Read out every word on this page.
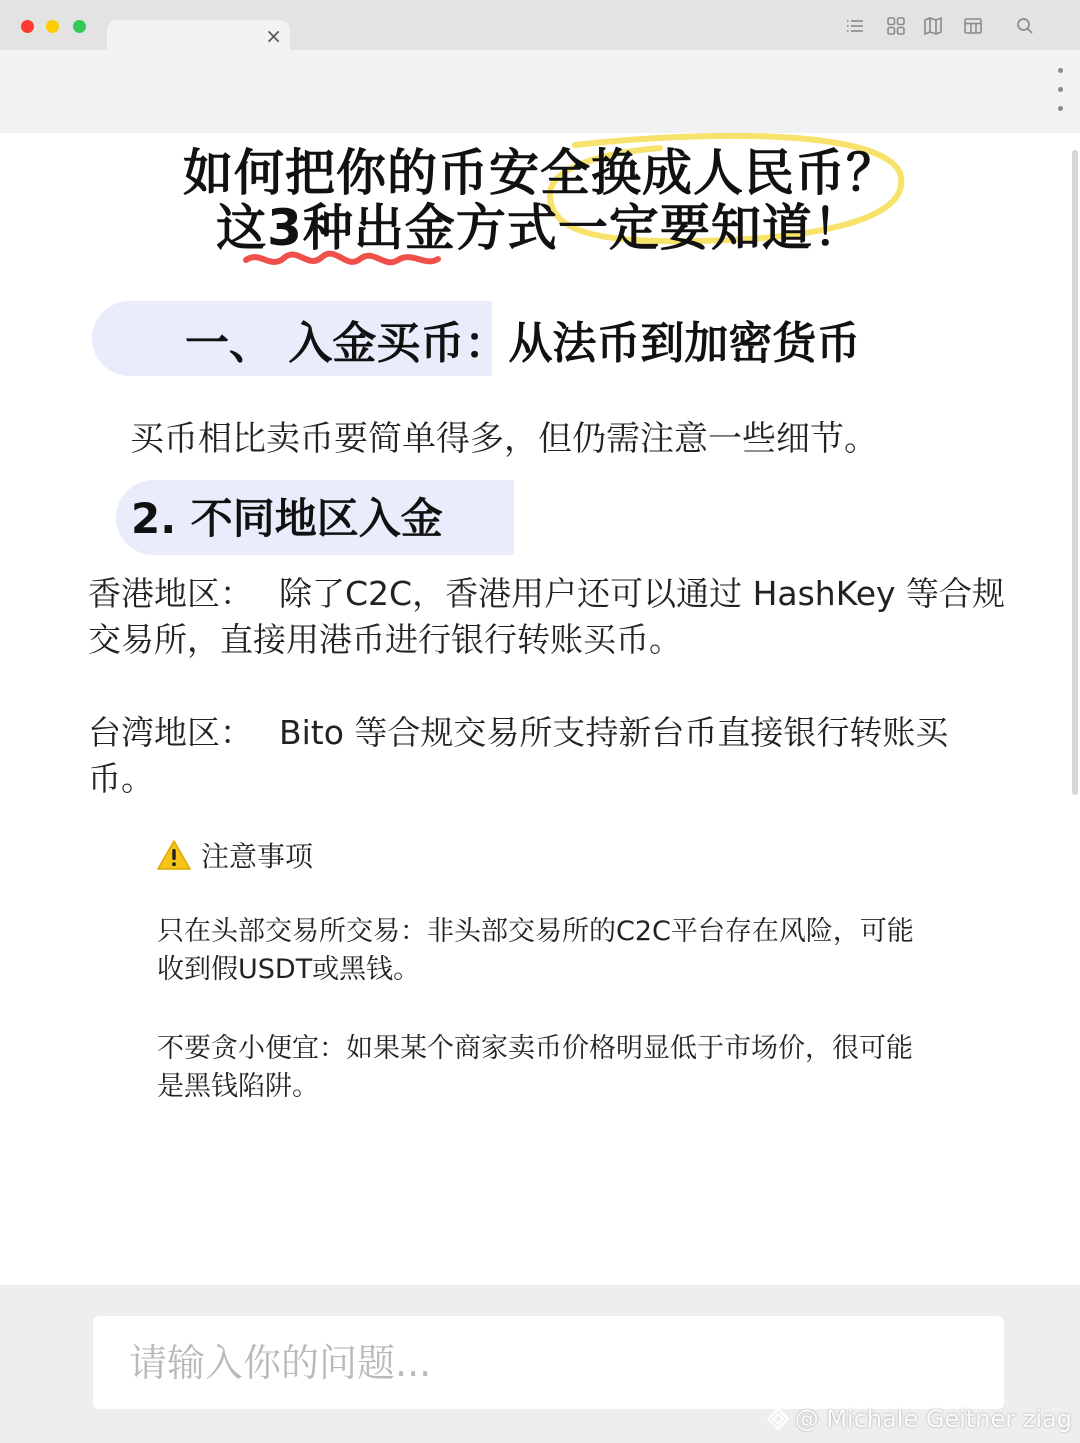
×
如何把你的币安全换成人民币？
这3种出金方式一定要知道！
一、 入金买币：从法币到加密货币
买币相比卖币要简单得多，但仍需注意一些细节。
2. 不同地区入金
香港地区： 除了C2C，香港用户还可以通过 HashKey 等合规交易所，直接用港币进行银行转账买币。
台湾地区： Bito 等合规交易所支持新台币直接银行转账买币。
注意事项
只在头部交易所交易：非头部交易所的C2C平台存在风险，可能收到假USDT或黑钱。
不要贪小便宜：如果某个商家卖币价格明显低于市场价，很可能是黑钱陷阱。
请输入你的问题...
@ Michale Geitner ziag
